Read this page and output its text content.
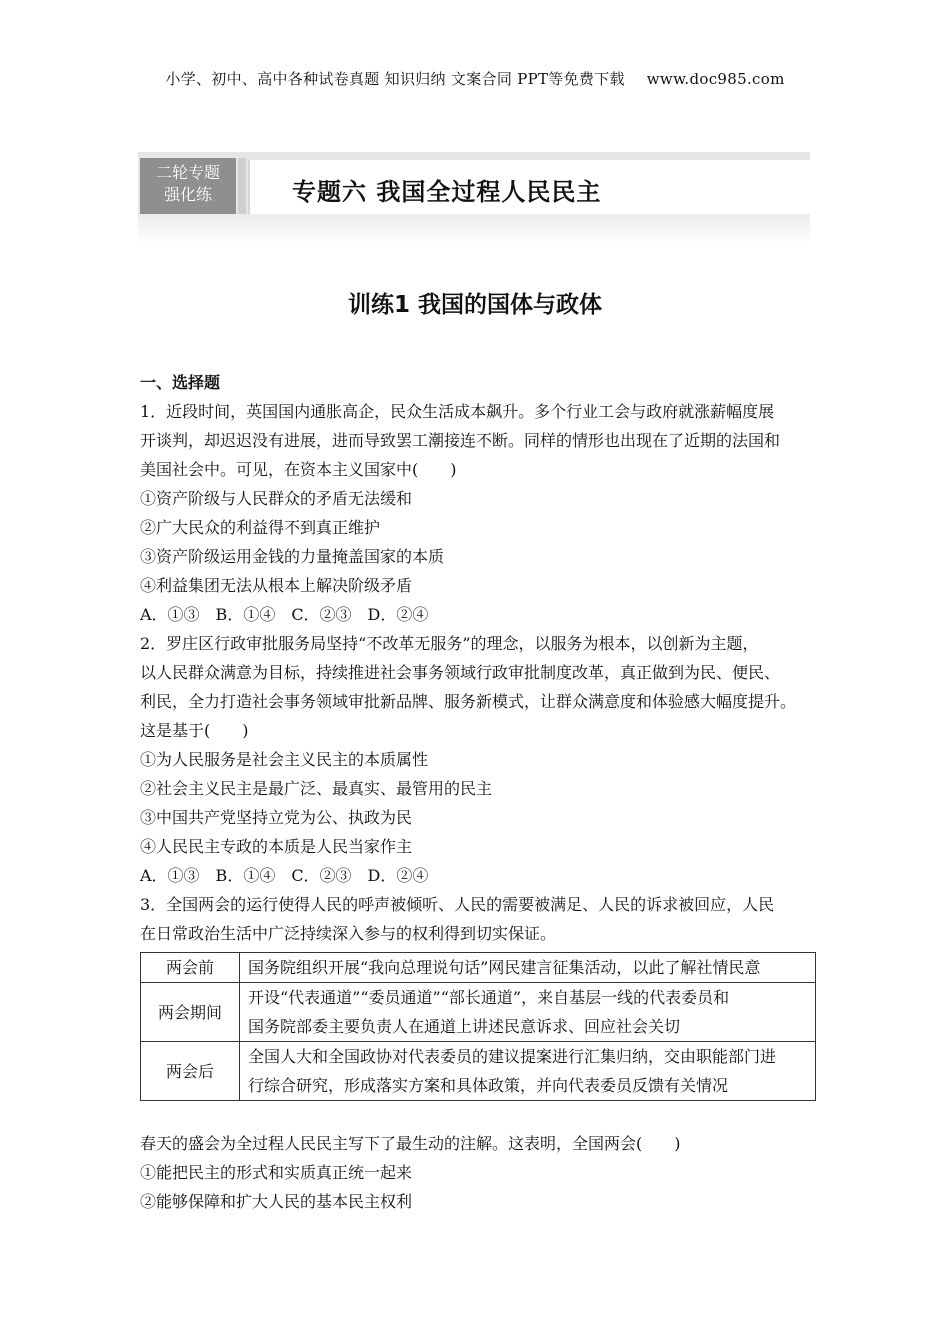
小学、初中、高中各种试卷真题 知识归纳 文案合同 PPT等免费下载 www.doc985.com
二轮专题
强化练	专题六 我国全过程人民民主
训练1 我国的国体与政体
一、选择题
1．近段时间，英国国内通胀高企，民众生活成本飙升。多个行业工会与政府就涨薪幅度展
开谈判，却迟迟没有进展，进而导致罢工潮接连不断。同样的情形也出现在了近期的法国和
美国社会中。可见，在资本主义国家中(　　)
①资产阶级与人民群众的矛盾无法缓和
②广大民众的利益得不到真正维护
③资产阶级运用金钱的力量掩盖国家的本质
④利益集团无法从根本上解决阶级矛盾
A．①③　B．①④　C．②③　D．②④
2．罗庄区行政审批服务局坚持“不改革无服务”的理念，以服务为根本，以创新为主题，
以人民群众满意为目标，持续推进社会事务领域行政审批制度改革，真正做到为民、便民、
利民，全力打造社会事务领域审批新品牌、服务新模式，让群众满意度和体验感大幅度提升。
这是基于(　　)
①为人民服务是社会主义民主的本质属性
②社会主义民主是最广泛、最真实、最管用的民主
③中国共产党坚持立党为公、执政为民
④人民民主专政的本质是人民当家作主
A．①③　B．①④　C．②③　D．②④
3．全国两会的运行使得人民的呼声被倾听、人民的需要被满足、人民的诉求被回应，人民
在日常政治生活中广泛持续深入参与的权利得到切实保证。
两会前	国务院组织开展“我向总理说句话”网民建言征集活动，以此了解社情民意

两会期间	开设“代表通道”“委员通道”“部长通道”，来自基层一线的代表委员和
国务院部委主要负责人在通道上讲述民意诉求、回应社会关切

两会后	全国人大和全国政协对代表委员的建议提案进行汇集归纳，交由职能部门进
行综合研究，形成落实方案和具体政策，并向代表委员反馈有关情况
春天的盛会为全过程人民民主写下了最生动的注解。这表明，全国两会(　　)
①能把民主的形式和实质真正统一起来
②能够保障和扩大人民的基本民主权利
